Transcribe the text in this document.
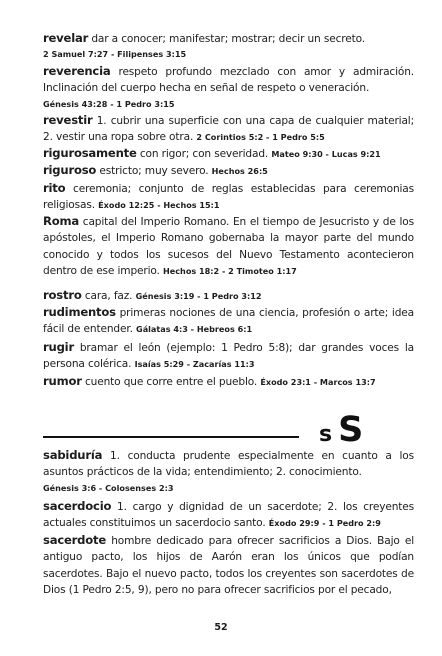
revelar dar a conocer; manifestar; mostrar; decir un secreto.
2 Samuel 7:27 - Filipenses 3:15
reverencia respeto profundo mezclado con amor y admiración. Inclinación del cuerpo hecha en señal de respeto o veneración.
Génesis 43:28 - 1 Pedro 3:15
revestir 1. cubrir una superficie con una capa de cualquier material; 2. vestir una ropa sobre otra. 2 Corintios 5:2 - 1 Pedro 5:5
rigurosamente con rigor; con severidad. Mateo 9:30 - Lucas 9:21
riguroso estricto; muy severo. Hechos 26:5
rito ceremonia; conjunto de reglas establecidas para ceremonias religiosas. Éxodo 12:25 - Hechos 15:1
Roma capital del Imperio Romano. En el tiempo de Jesucristo y de los apóstoles, el Imperio Romano gobernaba la mayor parte del mundo conocido y todos los sucesos del Nuevo Testamento acontecieron dentro de ese imperio. Hechos 18:2 - 2 Timoteo 1:17
rostro cara, faz. Génesis 3:19 - 1 Pedro 3:12
rudimentos primeras nociones de una ciencia, profesión o arte; idea fácil de entender. Gálatas 4:3 - Hebreos 6:1
rugir bramar el león (ejemplo: 1 Pedro 5:8); dar grandes voces la persona colérica. Isaías 5:29 - Zacarías 11:3
rumor cuento que corre entre el pueblo. Éxodo 23:1 - Marcos 13:7
s S
sabiduría 1. conducta prudente especialmente en cuanto a los asuntos prácticos de la vida; entendimiento; 2. conocimiento.
Génesis 3:6 - Colosenses 2:3
sacerdocio 1. cargo y dignidad de un sacerdote; 2. los creyentes actuales constituimos un sacerdocio santo. Éxodo 29:9 - 1 Pedro 2:9
sacerdote hombre dedicado para ofrecer sacrificios a Dios. Bajo el antiguo pacto, los hijos de Aarón eran los únicos que podían sacerdotes. Bajo el nuevo pacto, todos los creyentes son sacerdotes de Dios (1 Pedro 2:5, 9), pero no para ofrecer sacrificios por el pecado,
52
